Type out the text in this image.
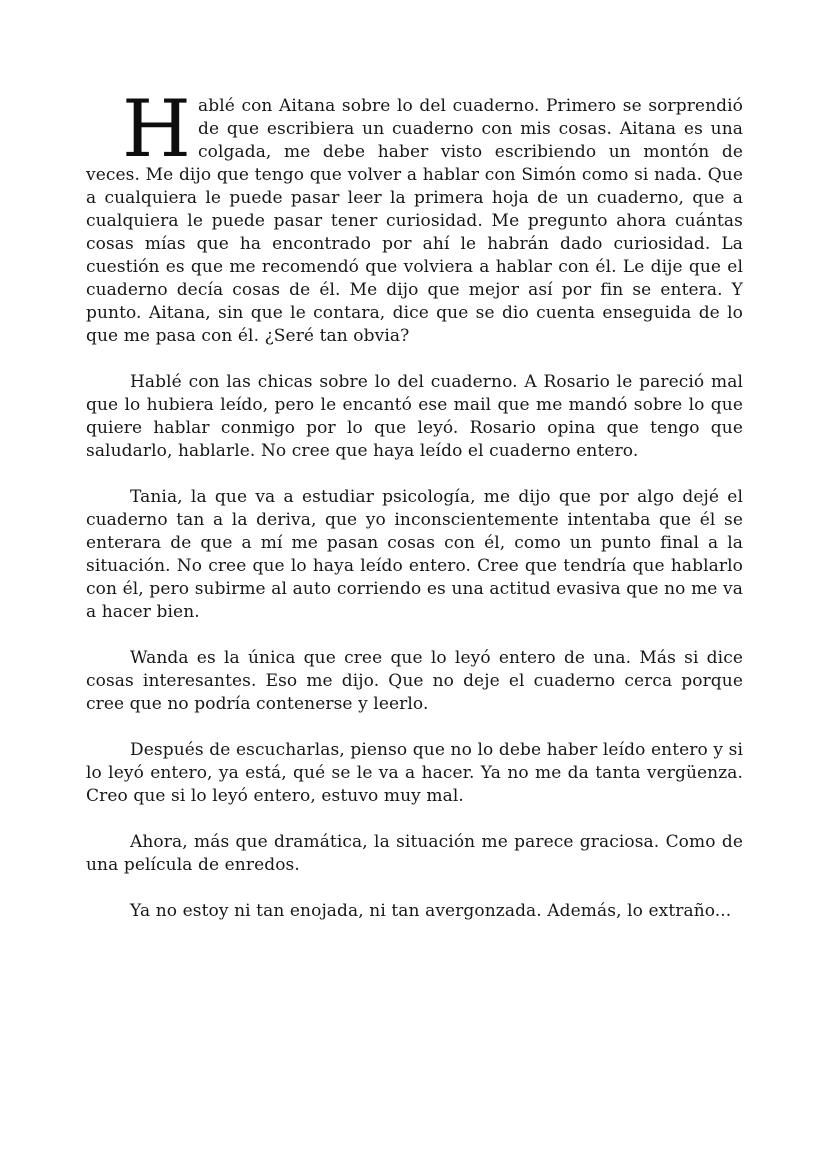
Hablé con Aitana sobre lo del cuaderno. Primero se sorprendió de que escribiera un cuaderno con mis cosas. Aitana es una colgada, me debe haber visto escribiendo un montón de veces. Me dijo que tengo que volver a hablar con Simón como si nada. Que a cualquiera le puede pasar leer la primera hoja de un cuaderno, que a cualquiera le puede pasar tener curiosidad. Me pregunto ahora cuántas cosas mías que ha encontrado por ahí le habrán dado curiosidad. La cuestión es que me recomendó que volviera a hablar con él. Le dije que el cuaderno decía cosas de él. Me dijo que mejor así por fin se entera. Y punto. Aitana, sin que le contara, dice que se dio cuenta enseguida de lo que me pasa con él. ¿Seré tan obvia?

Hablé con las chicas sobre lo del cuaderno. A Rosario le pareció mal que lo hubiera leído, pero le encantó ese mail que me mandó sobre lo que quiere hablar conmigo por lo que leyó. Rosario opina que tengo que saludarlo, hablarle. No cree que haya leído el cuaderno entero.

Tania, la que va a estudiar psicología, me dijo que por algo dejé el cuaderno tan a la deriva, que yo inconscientemente intentaba que él se enterara de que a mí me pasan cosas con él, como un punto final a la situación. No cree que lo haya leído entero. Cree que tendría que hablarlo con él, pero subirme al auto corriendo es una actitud evasiva que no me va a hacer bien.

Wanda es la única que cree que lo leyó entero de una. Más si dice cosas interesantes. Eso me dijo. Que no deje el cuaderno cerca porque cree que no podría contenerse y leerlo.

Después de escucharlas, pienso que no lo debe haber leído entero y si lo leyó entero, ya está, qué se le va a hacer. Ya no me da tanta vergüenza. Creo que si lo leyó entero, estuvo muy mal.

Ahora, más que dramática, la situación me parece graciosa. Como de una película de enredos.

Ya no estoy ni tan enojada, ni tan avergonzada. Además, lo extraño...
